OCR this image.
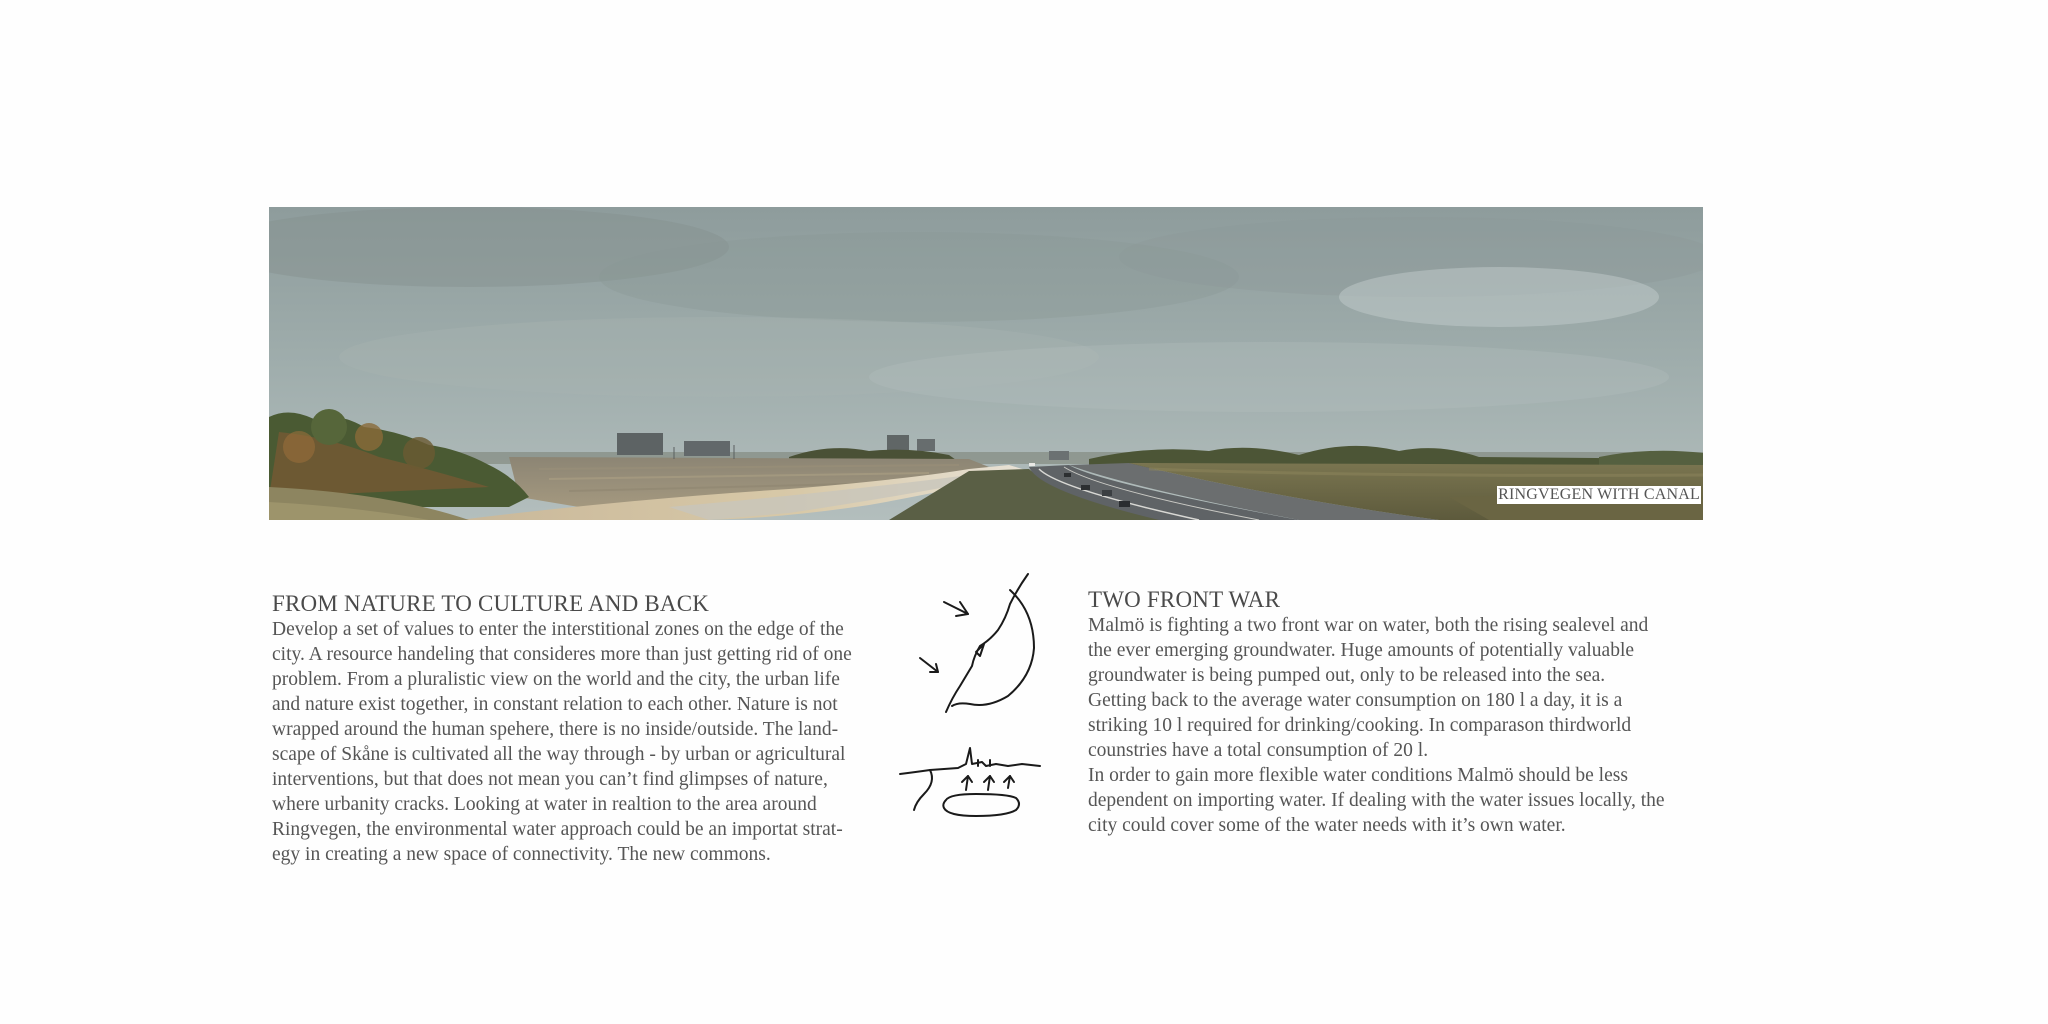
RINGVEGEN WITH CANAL
FROM NATURE TO CULTURE AND BACK

Develop a set of values to enter the interstitional zones on the edge of the

city. A resource handeling that consideres more than just getting rid of one

problem. From a pluralistic view on the world and the city, the urban life

and nature exist together, in constant relation to each other. Nature is not

wrapped around the human spehere, there is no inside/outside. The land-

scape of Skåne is cultivated all the way through - by urban or agricultural

interventions, but that does not mean you can’t find glimpses of nature,

where urbanity cracks. Looking at water in realtion to the area around

Ringvegen, the environmental water approach could be an importat strat-

egy in creating a new space of connectivity. The new commons.

TWO FRONT WAR

Malmö is fighting a two front war on water, both the rising sealevel and

the ever emerging groundwater. Huge amounts of potentially valuable

groundwater is being pumped out, only to be released into the sea.

Getting back to the average water consumption on 180 l a day, it is a

striking 10 l required for drinking/cooking. In comparason thirdworld

counstries have a total consumption of 20 l.

In order to gain more flexible water conditions Malmö should be less

dependent on importing water. If dealing with the water issues locally, the

city could cover some of the water needs with it’s own water.
